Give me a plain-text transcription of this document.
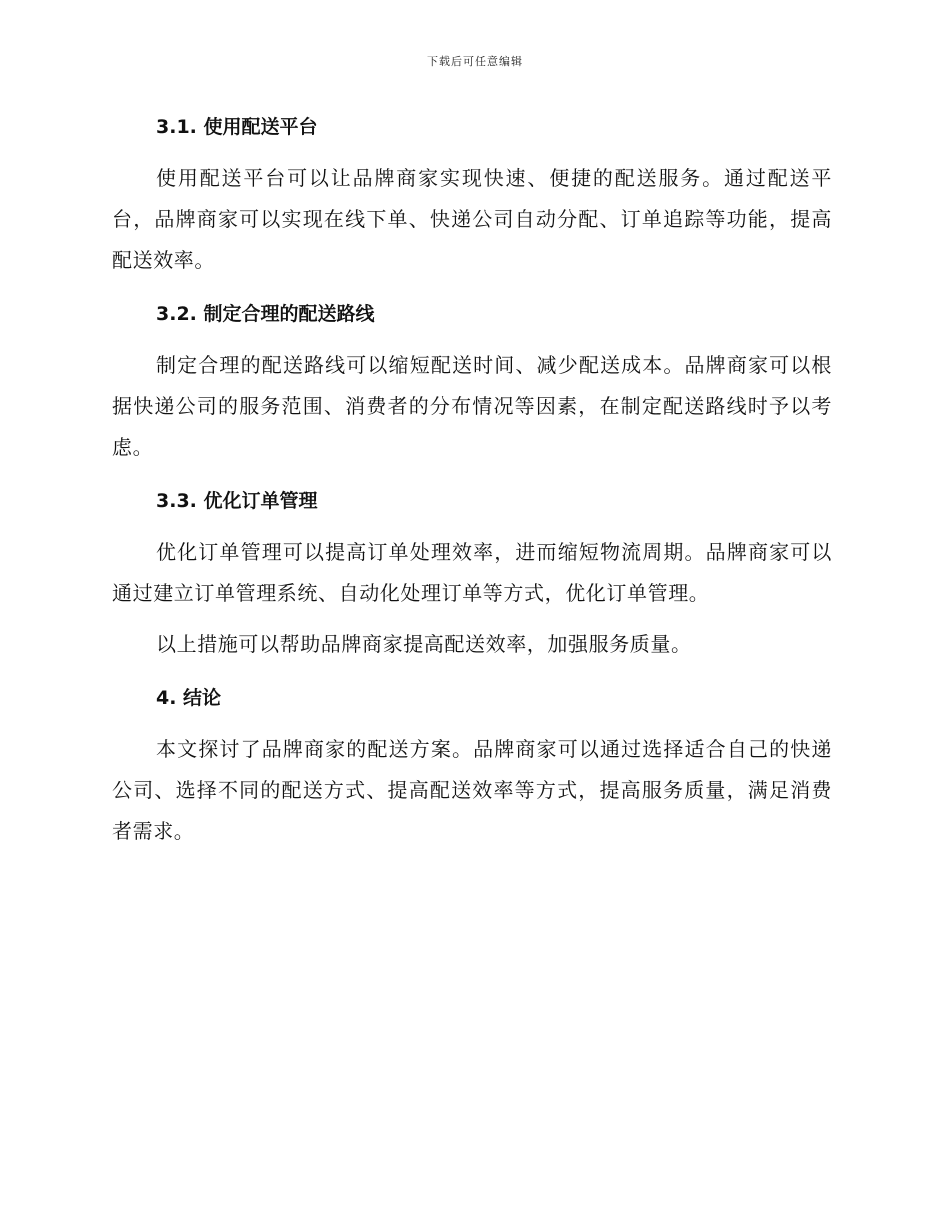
下载后可任意编辑
3.1. 使用配送平台

使用配送平台可以让品牌商家实现快速、便捷的配送服务。通过配送平台，品牌商家可以实现在线下单、快递公司自动分配、订单追踪等功能，提高配送效率。

3.2. 制定合理的配送路线

制定合理的配送路线可以缩短配送时间、减少配送成本。品牌商家可以根据快递公司的服务范围、消费者的分布情况等因素，在制定配送路线时予以考虑。

3.3. 优化订单管理

优化订单管理可以提高订单处理效率，进而缩短物流周期。品牌商家可以通过建立订单管理系统、自动化处理订单等方式，优化订单管理。

以上措施可以帮助品牌商家提高配送效率，加强服务质量。

4. 结论

本文探讨了品牌商家的配送方案。品牌商家可以通过选择适合自己的快递公司、选择不同的配送方式、提高配送效率等方式，提高服务质量，满足消费者需求。
